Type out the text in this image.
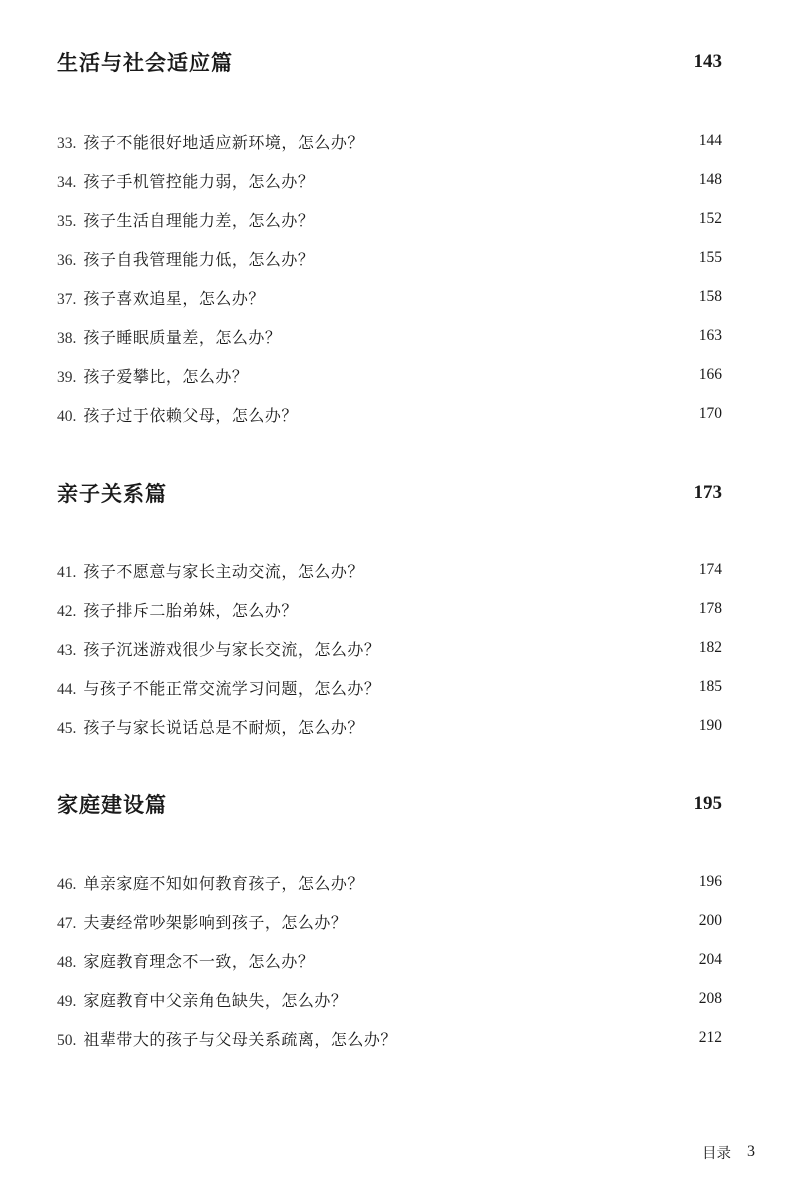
生活与社会适应篇	143
33. 孩子不能很好地适应新环境，怎么办？	144
34. 孩子手机管控能力弱，怎么办？	148
35. 孩子生活自理能力差，怎么办？	152
36. 孩子自我管理能力低，怎么办？	155
37. 孩子喜欢追星，怎么办？	158
38. 孩子睡眠质量差，怎么办？	163
39. 孩子爱攀比，怎么办？	166
40. 孩子过于依赖父母，怎么办？	170
亲子关系篇	173
41. 孩子不愿意与家长主动交流，怎么办？	174
42. 孩子排斥二胎弟妹，怎么办？	178
43. 孩子沉迷游戏很少与家长交流，怎么办？	182
44. 与孩子不能正常交流学习问题，怎么办？	185
45. 孩子与家长说话总是不耐烦，怎么办？	190
家庭建设篇	195
46. 单亲家庭不知如何教育孩子，怎么办？	196
47. 夫妻经常吵架影响到孩子，怎么办？	200
48. 家庭教育理念不一致，怎么办？	204
49. 家庭教育中父亲角色缺失，怎么办？	208
50. 祖辈带大的孩子与父母关系疏离，怎么办？	212
目录 3
